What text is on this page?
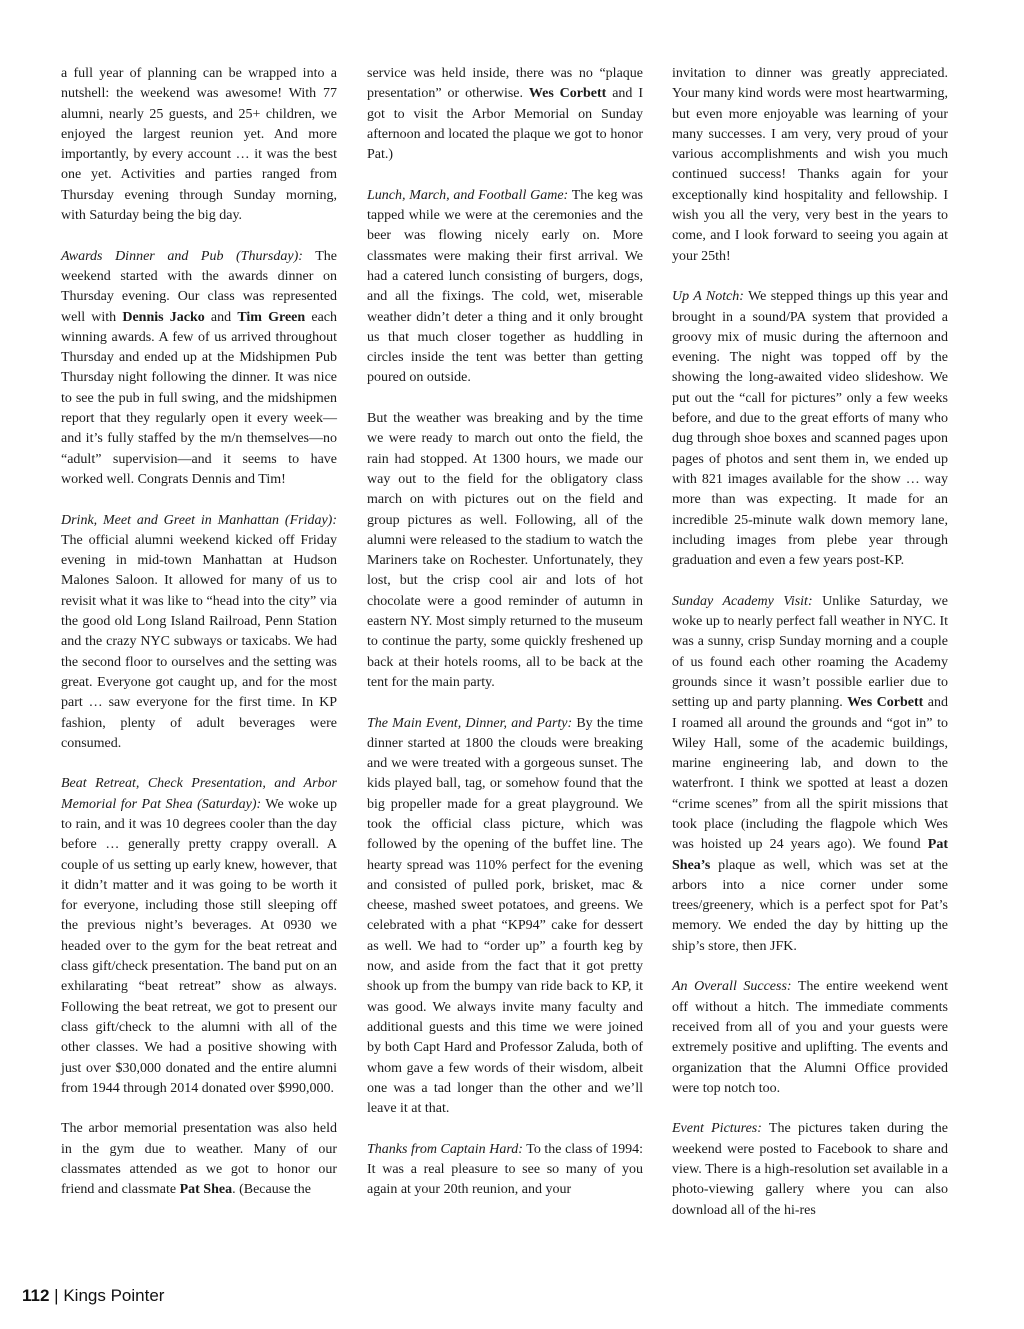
a full year of planning can be wrapped into a nutshell: the weekend was awesome! With 77 alumni, nearly 25 guests, and 25+ children, we enjoyed the largest reunion yet. And more importantly, by every account … it was the best one yet. Activities and parties ranged from Thursday evening through Sunday morning, with Saturday being the big day.

Awards Dinner and Pub (Thursday): The weekend started with the awards dinner on Thursday evening. Our class was represented well with Dennis Jacko and Tim Green each winning awards. A few of us arrived throughout Thursday and ended up at the Midshipmen Pub Thursday night following the dinner. It was nice to see the pub in full swing, and the midshipmen report that they regularly open it every week—and it’s fully staffed by the m/n themselves—no “adult” supervision—and it seems to have worked well. Congrats Dennis and Tim!

Drink, Meet and Greet in Manhattan (Friday): The official alumni weekend kicked off Friday evening in mid-town Manhattan at Hudson Malones Saloon. It allowed for many of us to revisit what it was like to “head into the city” via the good old Long Island Railroad, Penn Station and the crazy NYC subways or taxicabs. We had the second floor to ourselves and the setting was great. Everyone got caught up, and for the most part … saw everyone for the first time. In KP fashion, plenty of adult beverages were consumed.

Beat Retreat, Check Presentation, and Arbor Memorial for Pat Shea (Saturday): We woke up to rain, and it was 10 degrees cooler than the day before … generally pretty crappy overall. A couple of us setting up early knew, however, that it didn’t matter and it was going to be worth it for everyone, including those still sleeping off the previous night’s beverages. At 0930 we headed over to the gym for the beat retreat and class gift/check presentation. The band put on an exhilarating “beat retreat” show as always. Following the beat retreat, we got to present our class gift/check to the alumni with all of the other classes. We had a positive showing with just over $30,000 donated and the entire alumni from 1944 through 2014 donated over $990,000.

The arbor memorial presentation was also held in the gym due to weather. Many of our classmates attended as we got to honor our friend and classmate Pat Shea. (Because the

service was held inside, there was no “plaque presentation” or otherwise. Wes Corbett and I got to visit the Arbor Memorial on Sunday afternoon and located the plaque we got to honor Pat.)

Lunch, March, and Football Game: The keg was tapped while we were at the ceremonies and the beer was flowing nicely early on. More classmates were making their first arrival. We had a catered lunch consisting of burgers, dogs, and all the fixings. The cold, wet, miserable weather didn’t deter a thing and it only brought us that much closer together as huddling in circles inside the tent was better than getting poured on outside.

But the weather was breaking and by the time we were ready to march out onto the field, the rain had stopped. At 1300 hours, we made our way out to the field for the obligatory class march on with pictures out on the field and group pictures as well. Following, all of the alumni were released to the stadium to watch the Mariners take on Rochester. Unfortunately, they lost, but the crisp cool air and lots of hot chocolate were a good reminder of autumn in eastern NY. Most simply returned to the museum to continue the party, some quickly freshened up back at their hotels rooms, all to be back at the tent for the main party.

The Main Event, Dinner, and Party: By the time dinner started at 1800 the clouds were breaking and we were treated with a gorgeous sunset. The kids played ball, tag, or somehow found that the big propeller made for a great playground. We took the official class picture, which was followed by the opening of the buffet line. The hearty spread was 110% perfect for the evening and consisted of pulled pork, brisket, mac & cheese, mashed sweet potatoes, and greens. We celebrated with a phat “KP94” cake for dessert as well. We had to “order up” a fourth keg by now, and aside from the fact that it got pretty shook up from the bumpy van ride back to KP, it was good. We always invite many faculty and additional guests and this time we were joined by both Capt Hard and Professor Zaluda, both of whom gave a few words of their wisdom, albeit one was a tad longer than the other and we’ll leave it at that.

Thanks from Captain Hard: To the class of 1994: It was a real pleasure to see so many of you again at your 20th reunion, and your

invitation to dinner was greatly appreciated. Your many kind words were most heartwarming, but even more enjoyable was learning of your many successes. I am very, very proud of your various accomplishments and wish you much continued success! Thanks again for your exceptionally kind hospitality and fellowship. I wish you all the very, very best in the years to come, and I look forward to seeing you again at your 25th!

Up A Notch: We stepped things up this year and brought in a sound/PA system that provided a groovy mix of music during the afternoon and evening. The night was topped off by the showing the long-awaited video slideshow. We put out the “call for pictures” only a few weeks before, and due to the great efforts of many who dug through shoe boxes and scanned pages upon pages of photos and sent them in, we ended up with 821 images available for the show … way more than was expecting. It made for an incredible 25-minute walk down memory lane, including images from plebe year through graduation and even a few years post-KP.

Sunday Academy Visit: Unlike Saturday, we woke up to nearly perfect fall weather in NYC. It was a sunny, crisp Sunday morning and a couple of us found each other roaming the Academy grounds since it wasn’t possible earlier due to setting up and party planning. Wes Corbett and I roamed all around the grounds and “got in” to Wiley Hall, some of the academic buildings, marine engineering lab, and down to the waterfront. I think we spotted at least a dozen “crime scenes” from all the spirit missions that took place (including the flagpole which Wes was hoisted up 24 years ago). We found Pat Shea’s plaque as well, which was set at the arbors into a nice corner under some trees/greenery, which is a perfect spot for Pat’s memory. We ended the day by hitting up the ship’s store, then JFK.

An Overall Success: The entire weekend went off without a hitch. The immediate comments received from all of you and your guests were extremely positive and uplifting. The events and organization that the Alumni Office provided were top notch too.

Event Pictures: The pictures taken during the weekend were posted to Facebook to share and view. There is a high-resolution set available in a photo-viewing gallery where you can also download all of the hi-res

112 | Kings Pointer
